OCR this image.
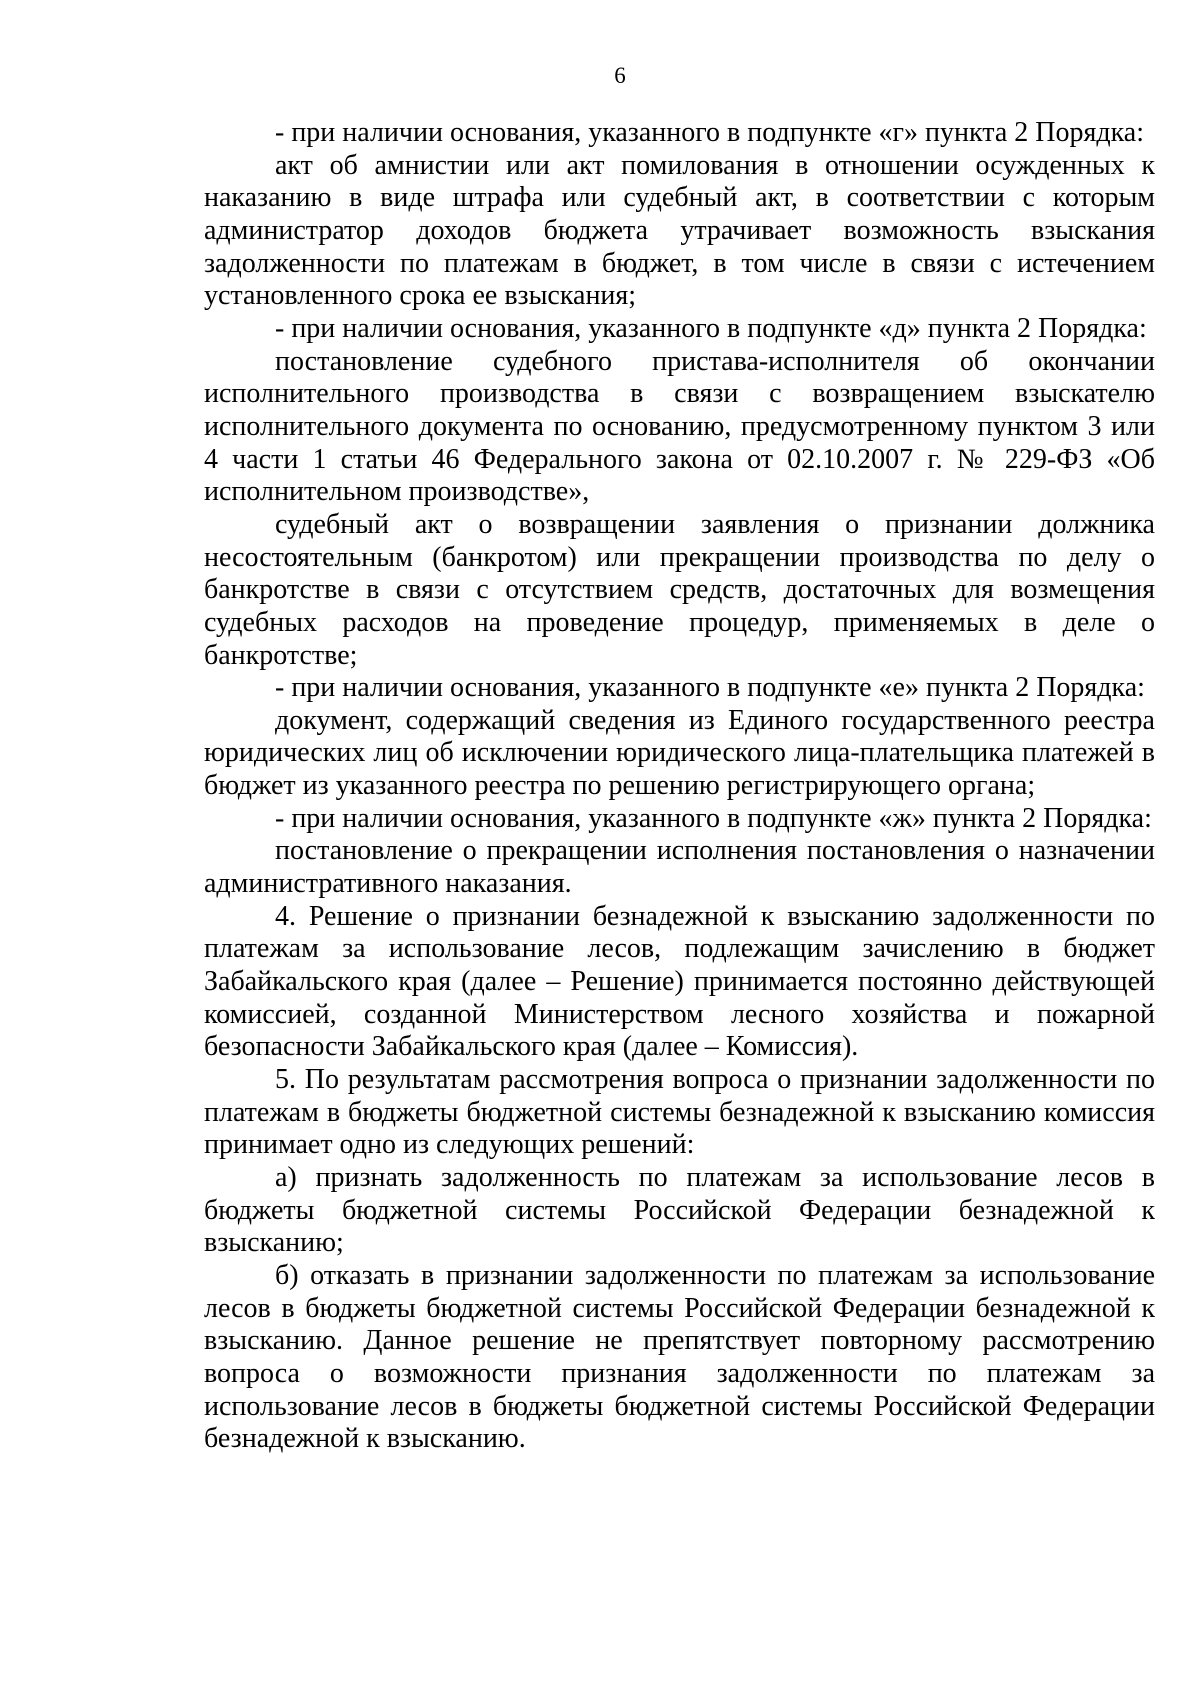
6

- при наличии основания, указанного в подпункте «г» пункта 2 Порядка:

акт об амнистии или акт помилования в отношении осужденных к наказанию в виде штрафа или судебный акт, в соответствии с которым администратор доходов бюджета утрачивает возможность взыскания задолженности по платежам в бюджет, в том числе в связи с истечением установленного срока ее взыскания;

- при наличии основания, указанного в подпункте «д» пункта 2 Порядка:

постановление судебного пристава-исполнителя об окончании исполнительного производства в связи с возвращением взыскателю исполнительного документа по основанию, предусмотренному пунктом 3 или 4 части 1 статьи 46 Федерального закона от 02.10.2007 г. № 229-ФЗ «Об исполнительном производстве»,

судебный акт о возвращении заявления о признании должника несостоятельным (банкротом) или прекращении производства по делу о банкротстве в связи с отсутствием средств, достаточных для возмещения судебных расходов на проведение процедур, применяемых в деле о банкротстве;

- при наличии основания, указанного в подпункте «е» пункта 2 Порядка:

документ, содержащий сведения из Единого государственного реестра юридических лиц об исключении юридического лица-плательщика платежей в бюджет из указанного реестра по решению регистрирующего органа;

- при наличии основания, указанного в подпункте «ж» пункта 2 Порядка:

постановление о прекращении исполнения постановления о назначении административного наказания.

4. Решение о признании безнадежной к взысканию задолженности по платежам за использование лесов, подлежащим зачислению в бюджет Забайкальского края (далее – Решение) принимается постоянно действующей комиссией, созданной Министерством лесного хозяйства и пожарной безопасности Забайкальского края (далее – Комиссия).

5. По результатам рассмотрения вопроса о признании задолженности по платежам в бюджеты бюджетной системы безнадежной к взысканию комиссия принимает одно из следующих решений:

а) признать задолженность по платежам за использование лесов в бюджеты бюджетной системы Российской Федерации безнадежной к взысканию;

б) отказать в признании задолженности по платежам за использование лесов в бюджеты бюджетной системы Российской Федерации безнадежной к взысканию. Данное решение не препятствует повторному рассмотрению вопроса о возможности признания задолженности по платежам за использование лесов в бюджеты бюджетной системы Российской Федерации безнадежной к взысканию.
